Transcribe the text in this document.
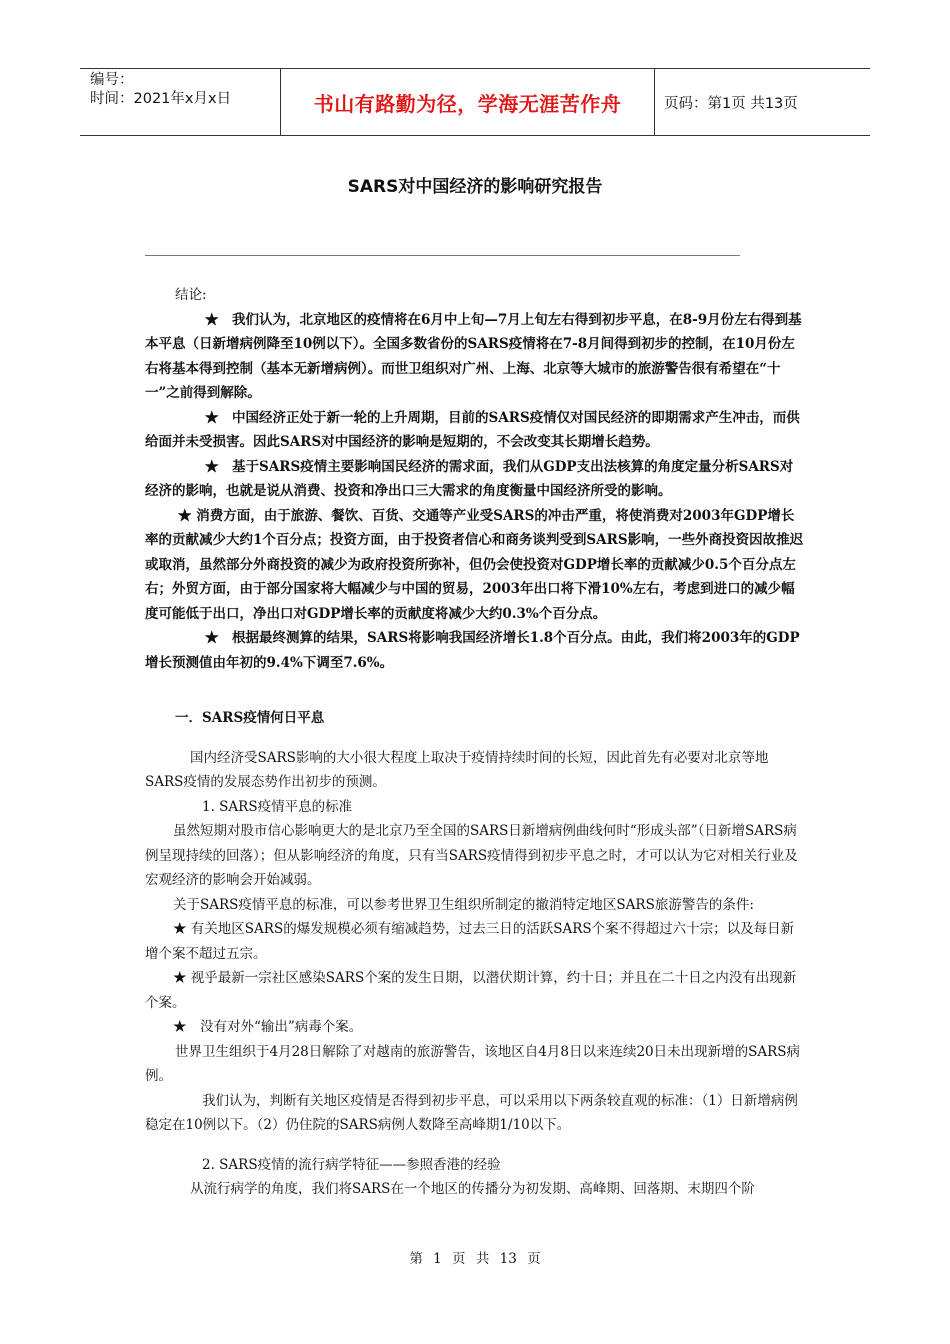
编号：
时间：2021年x月x日	书山有路勤为径，学海无涯苦作舟	页码：第1页 共13页
SARS对中国经济的影响研究报告

结论:

★　我们认为，北京地区的疫情将在6月中上旬—7月上旬左右得到初步平息，在8-9月份左右得到基本平息（日新增病例降至10例以下）。全国多数省份的SARS疫情将在7-8月间得到初步的控制，在10月份左右将基本得到控制（基本无新增病例）。而世卫组织对广州、上海、北京等大城市的旅游警告很有希望在“十一”之前得到解除。

★　中国经济正处于新一轮的上升周期，目前的SARS疫情仅对国民经济的即期需求产生冲击，而供给面并未受损害。因此SARS对中国经济的影响是短期的，不会改变其长期增长趋势。

★　基于SARS疫情主要影响国民经济的需求面，我们从GDP支出法核算的角度定量分析SARS对经济的影响，也就是说从消费、投资和净出口三大需求的角度衡量中国经济所受的影响。

★ 消费方面，由于旅游、餐饮、百货、交通等产业受SARS的冲击严重，将使消费对2003年GDP增长率的贡献减少大约1个百分点；投资方面，由于投资者信心和商务谈判受到SARS影响，一些外商投资因故推迟或取消，虽然部分外商投资的减少为政府投资所弥补，但仍会使投资对GDP增长率的贡献减少0.5个百分点左右；外贸方面，由于部分国家将大幅减少与中国的贸易，2003年出口将下滑10%左右，考虑到进口的减少幅度可能低于出口，净出口对GDP增长率的贡献度将减少大约0.3%个百分点。

★　根据最终测算的结果，SARS将影响我国经济增长1.8个百分点。由此，我们将2003年的GDP增长预测值由年初的9.4%下调至7.6%。

一．SARS疫情何日平息

国内经济受SARS影响的大小很大程度上取决于疫情持续时间的长短，因此首先有必要对北京等地SARS疫情的发展态势作出初步的预测。

1. SARS疫情平息的标准

虽然短期对股市信心影响更大的是北京乃至全国的SARS日新增病例曲线何时“形成头部”（日新增SARS病例呈现持续的回落）；但从影响经济的角度，只有当SARS疫情得到初步平息之时，才可以认为它对相关行业及宏观经济的影响会开始减弱。

关于SARS疫情平息的标准，可以参考世界卫生组织所制定的撤消特定地区SARS旅游警告的条件:

★ 有关地区SARS的爆发规模必须有缩减趋势，过去三日的活跃SARS个案不得超过六十宗；以及每日新增个案不超过五宗。

★ 视乎最新一宗社区感染SARS个案的发生日期，以潜伏期计算，约十日；并且在二十日之内没有出现新个案。

★　没有对外“输出”病毒个案。

世界卫生组织于4月28日解除了对越南的旅游警告，该地区自4月8日以来连续20日未出现新增的SARS病例。

我们认为，判断有关地区疫情是否得到初步平息，可以采用以下两条较直观的标准：（1）日新增病例稳定在10例以下。（2）仍住院的SARS病例人数降至高峰期1/10以下。

2. SARS疫情的流行病学特征——参照香港的经验

从流行病学的角度，我们将SARS在一个地区的传播分为初发期、高峰期、回落期、末期四个阶

第 1 页 共 13 页
